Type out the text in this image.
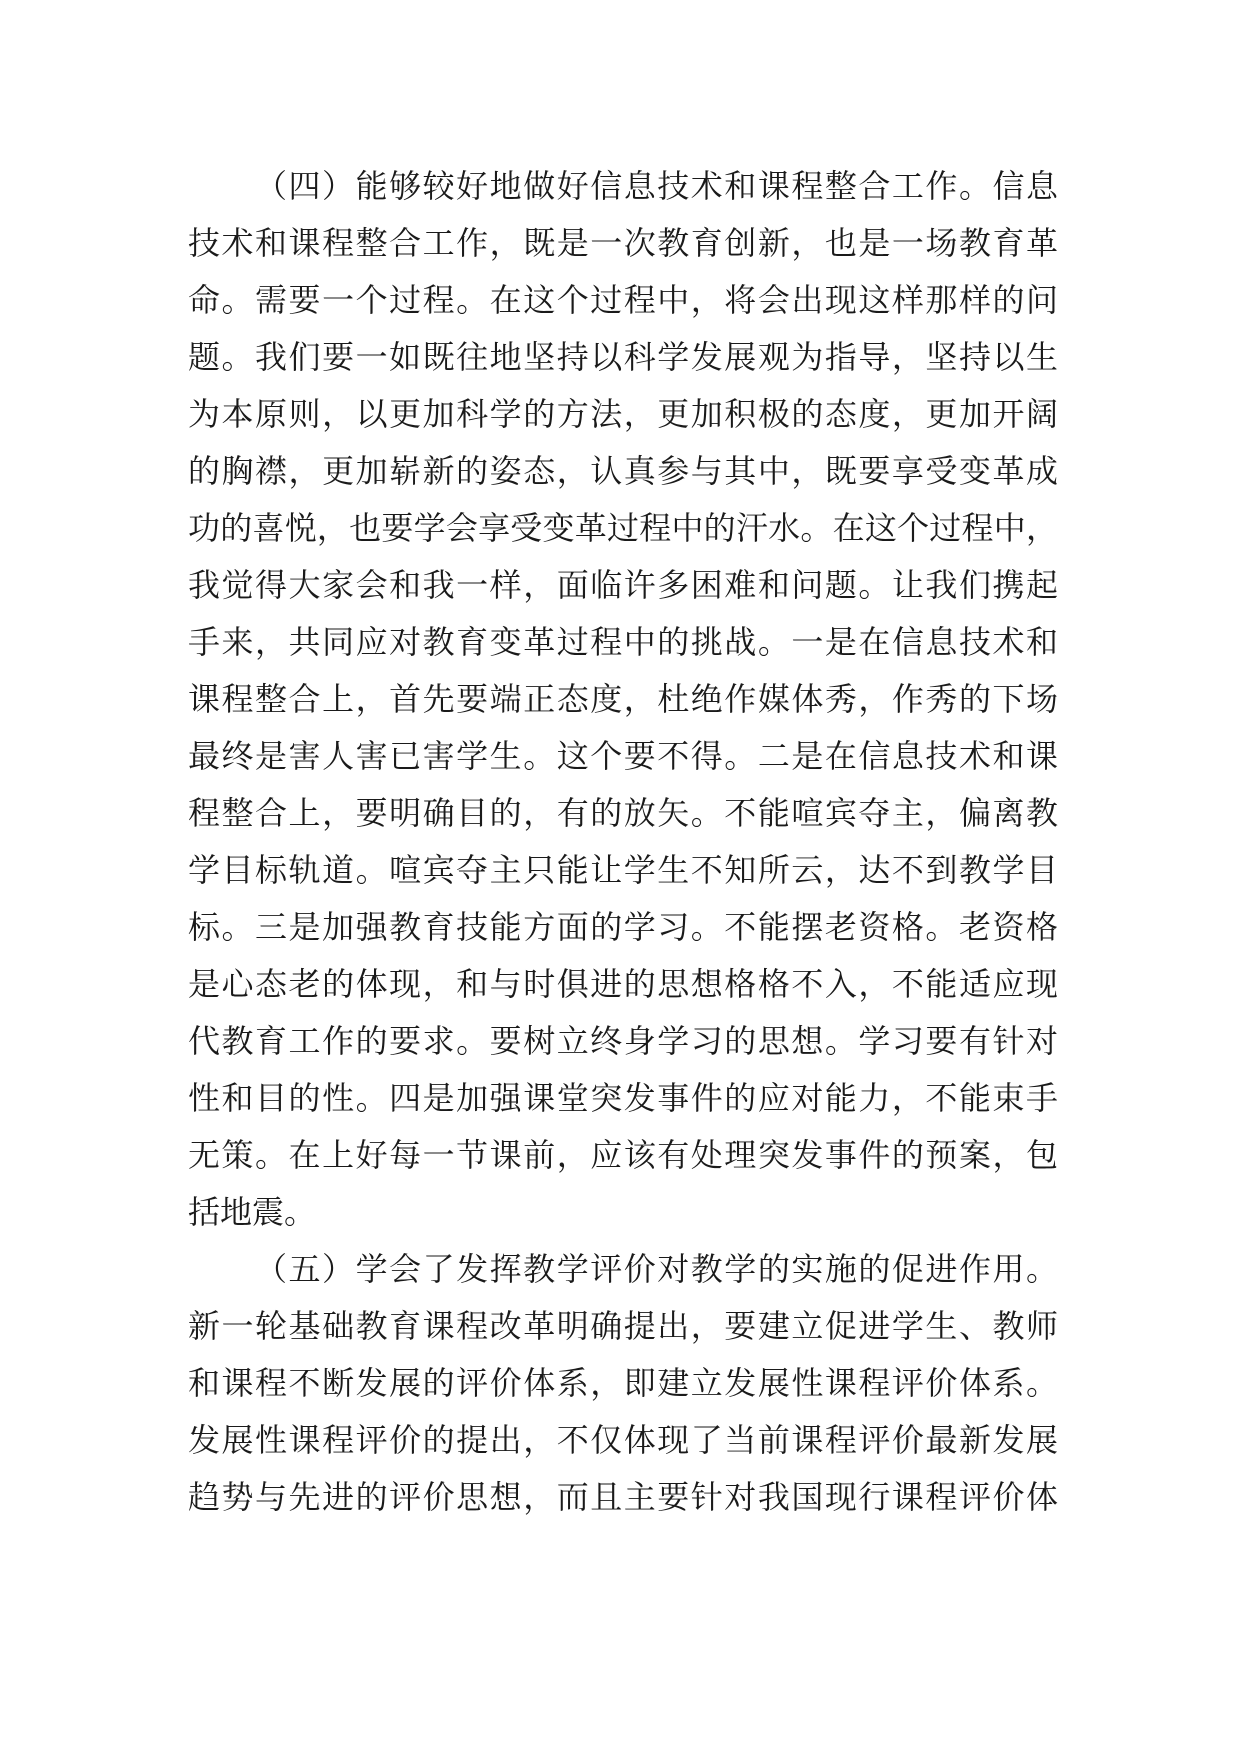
（四）能够较好地做好信息技术和课程整合工作。信息
技术和课程整合工作，既是一次教育创新，也是一场教育革
命。需要一个过程。在这个过程中，将会出现这样那样的问
题。我们要一如既往地坚持以科学发展观为指导，坚持以生
为本原则，以更加科学的方法，更加积极的态度，更加开阔
的胸襟，更加崭新的姿态，认真参与其中，既要享受变革成
功的喜悦，也要学会享受变革过程中的汗水。在这个过程中，
我觉得大家会和我一样，面临许多困难和问题。让我们携起
手来，共同应对教育变革过程中的挑战。一是在信息技术和
课程整合上，首先要端正态度，杜绝作媒体秀，作秀的下场
最终是害人害已害学生。这个要不得。二是在信息技术和课
程整合上，要明确目的，有的放矢。不能喧宾夺主，偏离教
学目标轨道。喧宾夺主只能让学生不知所云，达不到教学目
标。三是加强教育技能方面的学习。不能摆老资格。老资格
是心态老的体现，和与时俱进的思想格格不入，不能适应现
代教育工作的要求。要树立终身学习的思想。学习要有针对
性和目的性。四是加强课堂突发事件的应对能力，不能束手
无策。在上好每一节课前，应该有处理突发事件的预案，包
括地震。
（五）学会了发挥教学评价对教学的实施的促进作用。
新一轮基础教育课程改革明确提出，要建立促进学生、教师
和课程不断发展的评价体系，即建立发展性课程评价体系。
发展性课程评价的提出，不仅体现了当前课程评价最新发展
趋势与先进的评价思想，而且主要针对我国现行课程评价体
